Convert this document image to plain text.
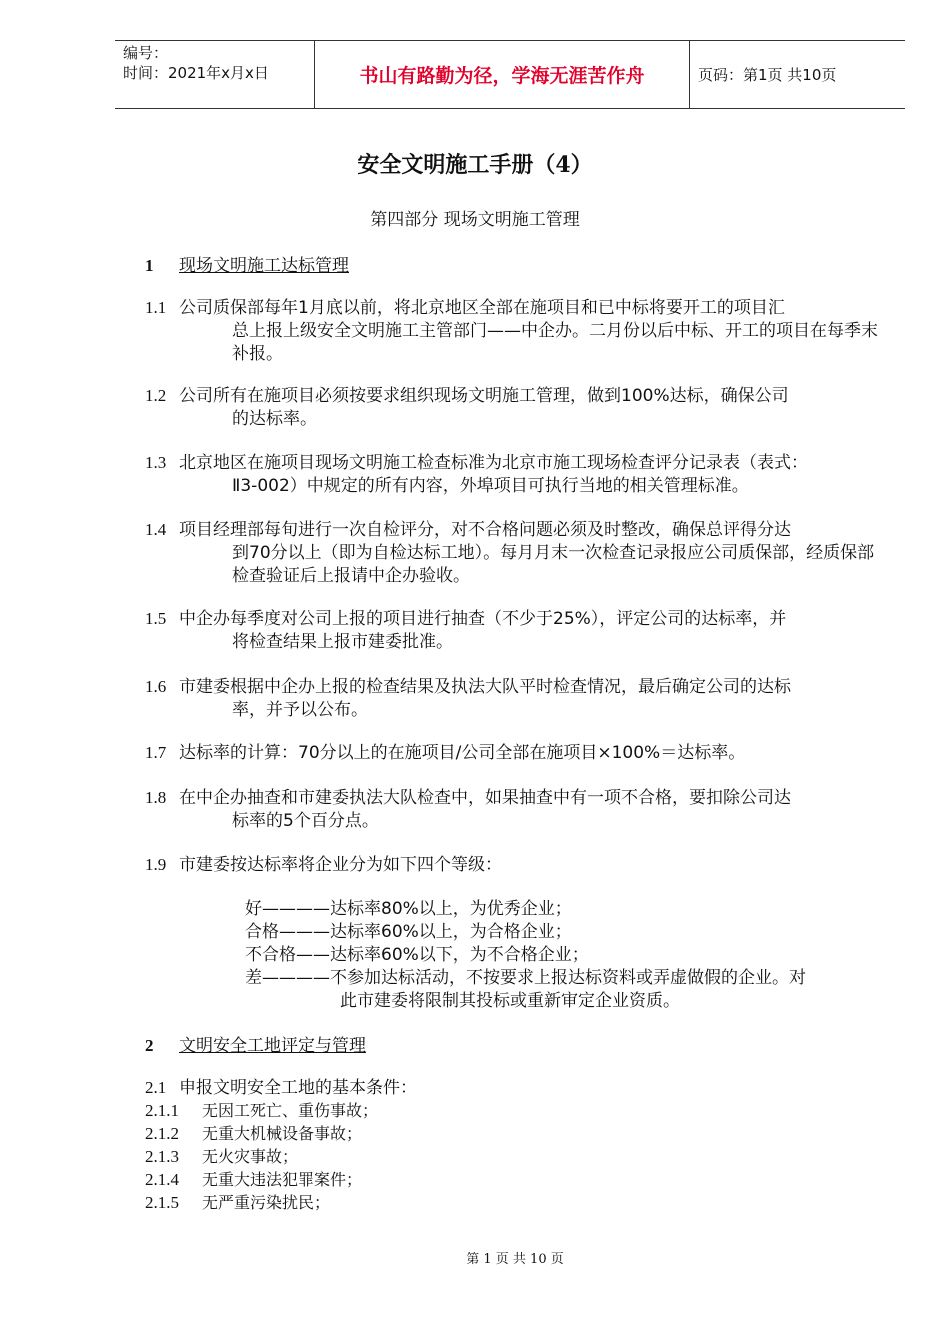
编号：
时间：2021年x月x日	书山有路勤为径，学海无涯苦作舟	页码：第1页 共10页
安全文明施工手册（4）
第四部分 现场文明施工管理
1 现场文明施工达标管理
1.1 公司质保部每年1月底以前，将北京地区全部在施项目和已中标将要开工的项目汇
总上报上级安全文明施工主管部门——中企办。二月份以后中标、开工的项目在每季末补报。
1.2 公司所有在施项目必须按要求组织现场文明施工管理，做到100%达标，确保公司
的达标率。
1.3 北京地区在施项目现场文明施工检查标准为北京市施工现场检查评分记录表（表式：
Ⅱ3-002）中规定的所有内容，外埠项目可执行当地的相关管理标准。
1.4 项目经理部每旬进行一次自检评分，对不合格问题必须及时整改，确保总评得分达
到70分以上（即为自检达标工地）。每月月末一次检查记录报应公司质保部，经质保部检查验证后上报请中企办验收。
1.5 中企办每季度对公司上报的项目进行抽查（不少于25%），评定公司的达标率，并
将检查结果上报市建委批准。
1.6 市建委根据中企办上报的检查结果及执法大队平时检查情况，最后确定公司的达标
率，并予以公布。
1.7 达标率的计算：70分以上的在施项目/公司全部在施项目×100%＝达标率。
1.8 在中企办抽查和市建委执法大队检查中，如果抽查中有一项不合格，要扣除公司达
标率的5个百分点。
1.9 市建委按达标率将企业分为如下四个等级：
好————达标率80%以上，为优秀企业；
合格———达标率60%以上，为合格企业；
不合格——达标率60%以下，为不合格企业；
差————不参加达标活动，不按要求上报达标资料或弄虚做假的企业。对
此市建委将限制其投标或重新审定企业资质。
2 文明安全工地评定与管理
2.1 申报文明安全工地的基本条件：
2.1.1 无因工死亡、重伤事故；
2.1.2 无重大机械设备事故；
2.1.3 无火灾事故；
2.1.4 无重大违法犯罪案件；
2.1.5 无严重污染扰民；
第 1 页 共 10 页
